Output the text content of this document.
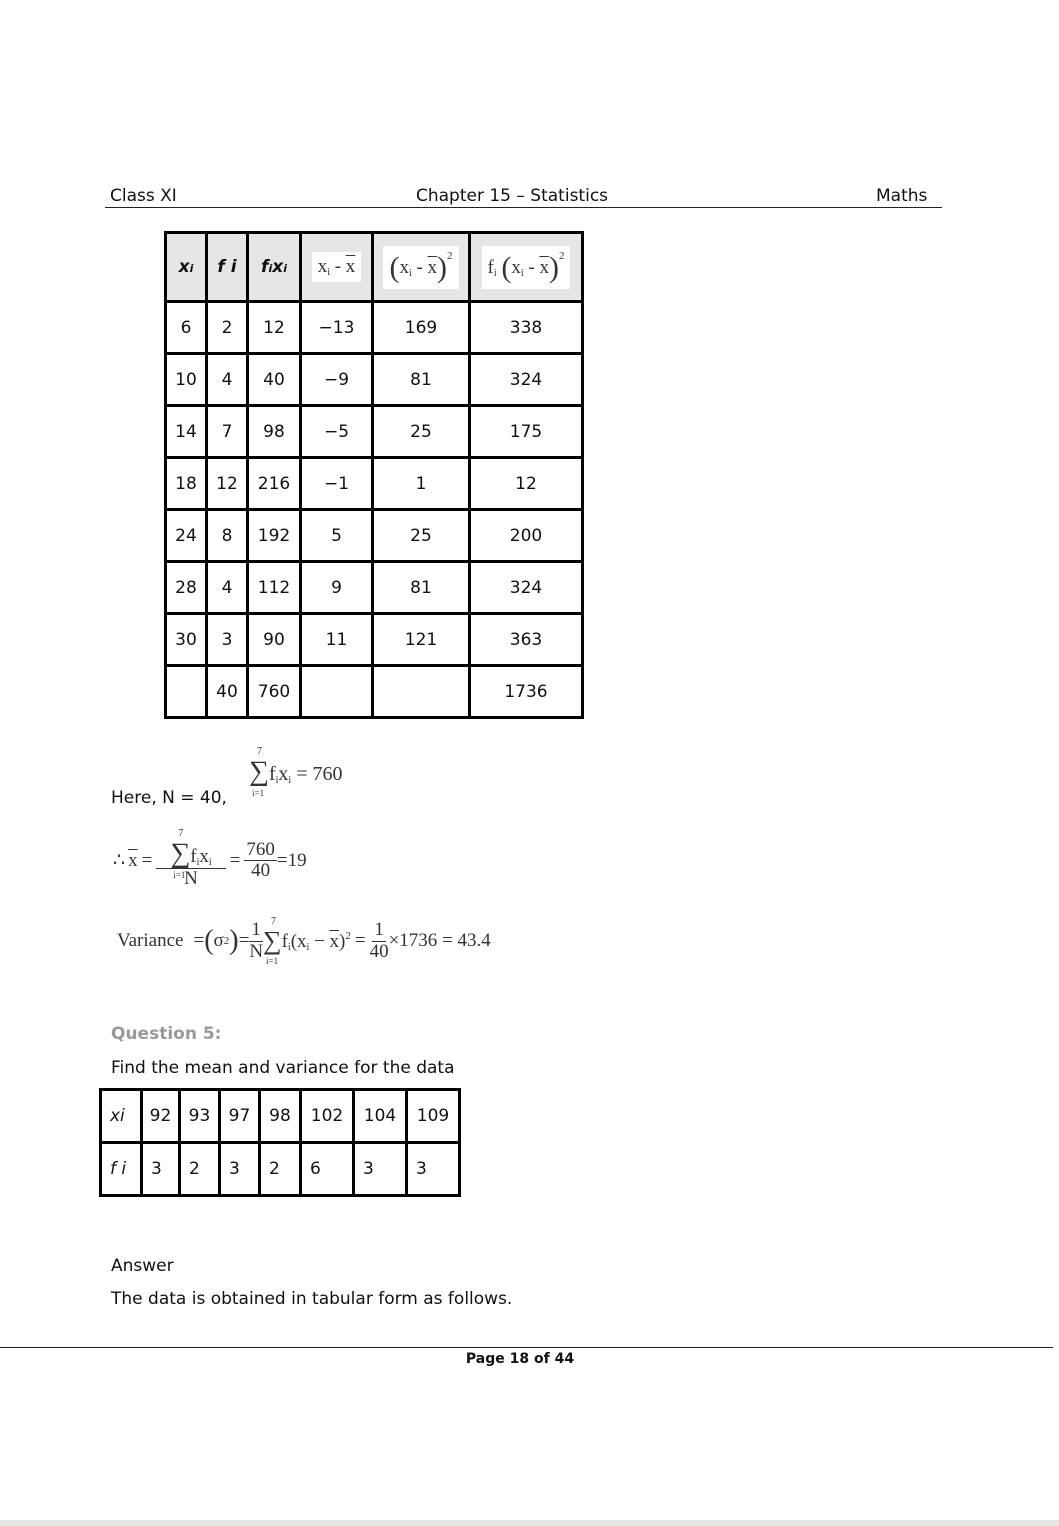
Class XI	Chapter 15 – Statistics	Maths
xi	f i	fixi	$x_i - \overline{x}$	$(x_i - \overline{x})^2$	$f_i$ $(x_i - \overline{x})^2$
6	2	12	−13	169	338
10	4	40	−9	81	324
14	7	98	−5	25	175
18	12	216	−1	1	12
24	8	192	5	25	200
28	4	112	9	81	324
30	3	90	11	121	363
	40	760			1736
Here, N = 40,
∑
7
i=1
$f_ix_i = 760$
∴ $\overline{x}$ = ∑
7
i=1
$f_ix_i$
$N = \frac{760}{40} =19$
Variance = ( σ 2 ) = $\frac{1}{N}$ ∑
7
i=1
$f_i(x_i - \overline{x})^2 = \frac{1}{40} \times 1736 = 43.4$
Question 5:
Find the mean and variance for the data
xi	92	93	97	98	102	104	109
f i	3	2	3	2	6	3	3
Answer
The data is obtained in tabular form as follows.
Page 18 of 44
